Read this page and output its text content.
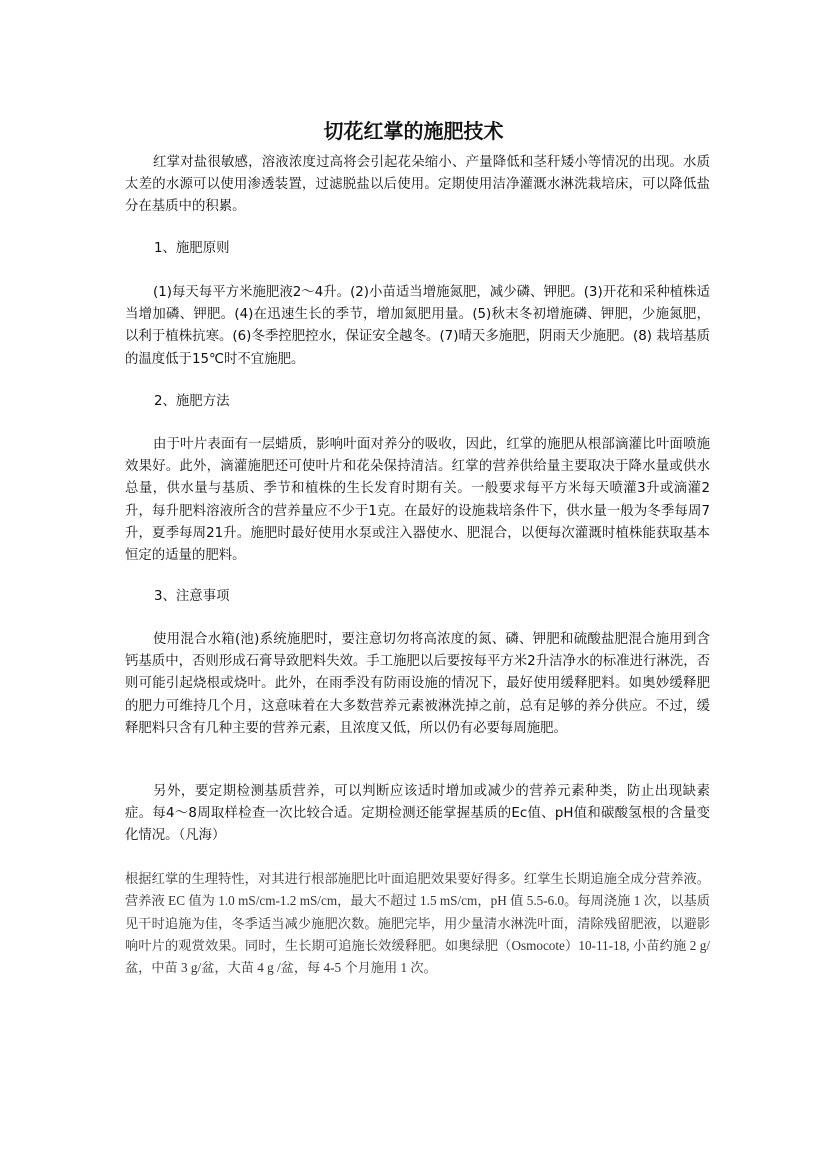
切花红掌的施肥技术
红掌对盐很敏感，溶液浓度过高将会引起花朵缩小、产量降低和茎秆矮小等情况的出现。水质太差的水源可以使用渗透装置，过滤脱盐以后使用。定期使用洁净灌溉水淋洗栽培床，可以降低盐分在基质中的积累。
1、施肥原则
(1)每天每平方米施肥液2～4升。(2)小苗适当增施氮肥，减少磷、钾肥。(3)开花和采种植株适当增加磷、钾肥。(4)在迅速生长的季节，增加氮肥用量。(5)秋末冬初增施磷、钾肥，少施氮肥，以利于植株抗寒。(6)冬季控肥控水，保证安全越冬。(7)晴天多施肥，阴雨天少施肥。(8) 栽培基质的温度低于15℃时不宜施肥。
2、施肥方法
由于叶片表面有一层蜡质，影响叶面对养分的吸收，因此，红掌的施肥从根部滴灌比叶面喷施效果好。此外，滴灌施肥还可使叶片和花朵保持清洁。红掌的营养供给量主要取决于降水量或供水总量，供水量与基质、季节和植株的生长发育时期有关。一般要求每平方米每天喷灌3升或滴灌2升，每升肥料溶液所含的营养量应不少于1克。在最好的设施栽培条件下，供水量一般为冬季每周7升，夏季每周21升。施肥时最好使用水泵或注入器使水、肥混合，以便每次灌溉时植株能获取基本恒定的适量的肥料。
3、注意事项
使用混合水箱(池)系统施肥时，要注意切勿将高浓度的氮、磷、钾肥和硫酸盐肥混合施用到含钙基质中，否则形成石膏导致肥料失效。手工施肥以后要按每平方米2升洁净水的标准进行淋洗，否则可能引起烧根或烧叶。此外，在雨季没有防雨设施的情况下，最好使用缓释肥料。如奥妙缓释肥的肥力可维持几个月，这意味着在大多数营养元素被淋洗掉之前，总有足够的养分供应。不过，缓释肥料只含有几种主要的营养元素，且浓度又低，所以仍有必要每周施肥。
另外，要定期检测基质营养，可以判断应该适时增加或减少的营养元素种类，防止出现缺素症。每4～8周取样检查一次比较合适。定期检测还能掌握基质的Ec值、pH值和碳酸氢根的含量变化情况。（凡海）
根据红掌的生理特性，对其进行根部施肥比叶面追肥效果要好得多。红掌生长期追施全成分营养液。营养液 EC 值为 1.0 mS/cm-1.2 mS/cm，最大不超过 1.5 mS/cm，pH 值 5.5-6.0。每周浇施 1 次，以基质见干时追施为佳，冬季适当减少施肥次数。施肥完毕，用少量清水淋洗叶面，清除残留肥液，以避影响叶片的观赏效果。同时，生长期可追施长效缓释肥。如奥绿肥（Osmocote）10-11-18, 小苗约施 2 g/盆，中苗 3 g/盆，大苗 4 g /盆，每 4-5 个月施用 1 次。
